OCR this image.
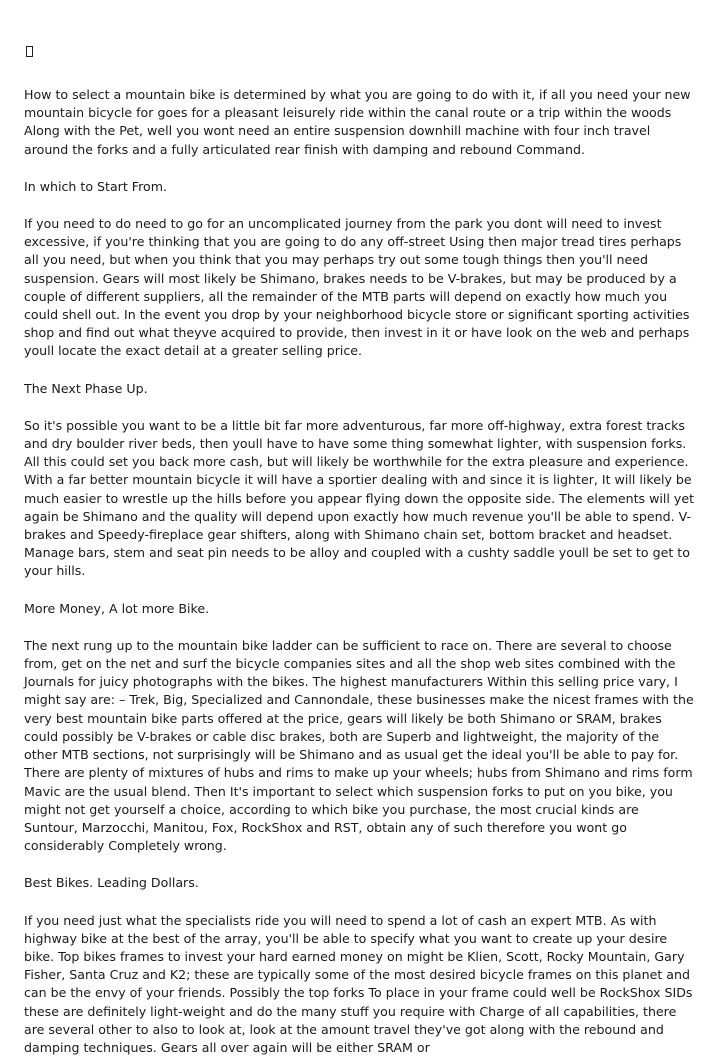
How to select a mountain bike is determined by what you are going to do with it, if all you need your new mountain bicycle for goes for a pleasant leisurely ride within the canal route or a trip within the woods Along with the Pet, well you wont need an entire suspension downhill machine with four inch travel around the forks and a fully articulated rear finish with damping and rebound Command.

In which to Start From.

If you need to do need to go for an uncomplicated journey from the park you dont will need to invest excessive, if you're thinking that you are going to do any off-street Using then major tread tires perhaps all you need, but when you think that you may perhaps try out some tough things then you'll need suspension. Gears will most likely be Shimano, brakes needs to be V-brakes, but may be produced by a couple of different suppliers, all the remainder of the MTB parts will depend on exactly how much you could shell out. In the event you drop by your neighborhood bicycle store or significant sporting activities shop and find out what theyve acquired to provide, then invest in it or have look on the web and perhaps youll locate the exact detail at a greater selling price.

The Next Phase Up.

So it's possible you want to be a little bit far more adventurous, far more off-highway, extra forest tracks and dry boulder river beds, then youll have to have some thing somewhat lighter, with suspension forks. All this could set you back more cash, but will likely be worthwhile for the extra pleasure and experience. With a far better mountain bicycle it will have a sportier dealing with and since it is lighter, It will likely be much easier to wrestle up the hills before you appear flying down the opposite side. The elements will yet again be Shimano and the quality will depend upon exactly how much revenue you'll be able to spend. V-brakes and Speedy-fireplace gear shifters, along with Shimano chain set, bottom bracket and headset. Manage bars, stem and seat pin needs to be alloy and coupled with a cushty saddle youll be set to get to your hills.

More Money, A lot more Bike.

The next rung up to the mountain bike ladder can be sufficient to race on. There are several to choose from, get on the net and surf the bicycle companies sites and all the shop web sites combined with the Journals for juicy photographs with the bikes. The highest manufacturers Within this selling price vary, I might say are: – Trek, Big, Specialized and Cannondale, these businesses make the nicest frames with the very best mountain bike parts offered at the price, gears will likely be both Shimano or SRAM, brakes could possibly be V-brakes or cable disc brakes, both are Superb and lightweight, the majority of the other MTB sections, not surprisingly will be Shimano and as usual get the ideal you'll be able to pay for. There are plenty of mixtures of hubs and rims to make up your wheels; hubs from Shimano and rims form Mavic are the usual blend. Then It's important to select which suspension forks to put on you bike, you might not get yourself a choice, according to which bike you purchase, the most crucial kinds are Suntour, Marzocchi, Manitou, Fox, RockShox and RST, obtain any of such therefore you wont go considerably Completely wrong.

Best Bikes. Leading Dollars.

If you need just what the specialists ride you will need to spend a lot of cash an expert MTB. As with highway bike at the best of the array, you'll be able to specify what you want to create up your desire bike. Top bikes frames to invest your hard earned money on might be Klien, Scott, Rocky Mountain, Gary Fisher, Santa Cruz and K2; these are typically some of the most desired bicycle frames on this planet and can be the envy of your friends. Possibly the top forks To place in your frame could well be RockShox SIDs these are definitely light-weight and do the many stuff you require with Charge of all capabilities, there are several other to also to look at, look at the amount travel they've got along with the rebound and damping techniques. Gears all over again will be either SRAM or
